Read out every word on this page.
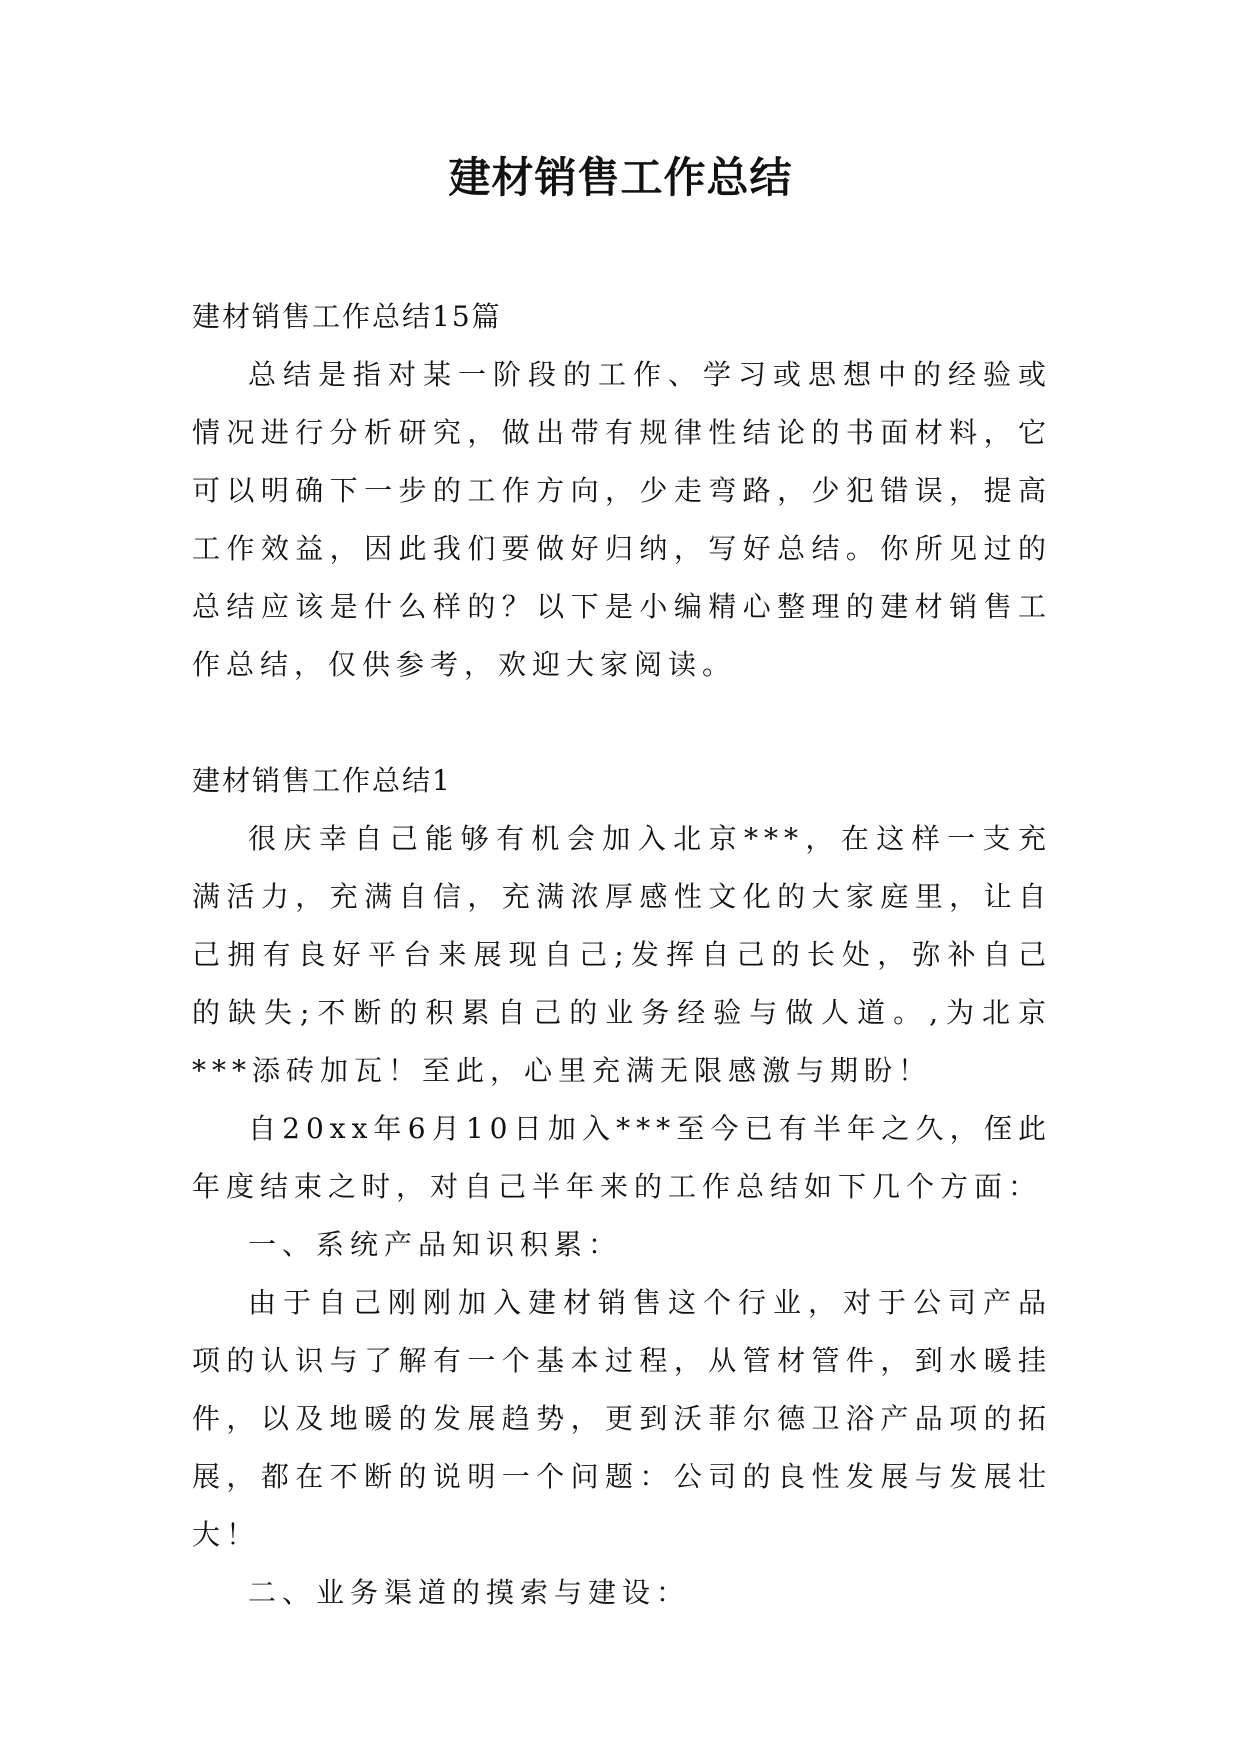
建材销售工作总结

建材销售工作总结15篇

总结是指对某一阶段的工作、学习或思想中的经验或情况进行分析研究，做出带有规律性结论的书面材料，它可以明确下一步的工作方向，少走弯路，少犯错误，提高工作效益，因此我们要做好归纳，写好总结。你所见过的总结应该是什么样的？以下是小编精心整理的建材销售工作总结，仅供参考，欢迎大家阅读。

建材销售工作总结1

很庆幸自己能够有机会加入北京***，在这样一支充满活力，充满自信，充满浓厚感性文化的大家庭里，让自己拥有良好平台来展现自己;发挥自己的长处，弥补自己的缺失;不断的积累自己的业务经验与做人道。,为北京***添砖加瓦！至此，心里充满无限感激与期盼！

自20xx年6月10日加入***至今已有半年之久，侄此年度结束之时，对自己半年来的工作总结如下几个方面：

一、系统产品知识积累：

由于自己刚刚加入建材销售这个行业，对于公司产品项的认识与了解有一个基本过程，从管材管件，到水暖挂件，以及地暖的发展趋势，更到沃菲尔德卫浴产品项的拓展，都在不断的说明一个问题：公司的良性发展与发展壮大！

二、业务渠道的摸索与建设：
